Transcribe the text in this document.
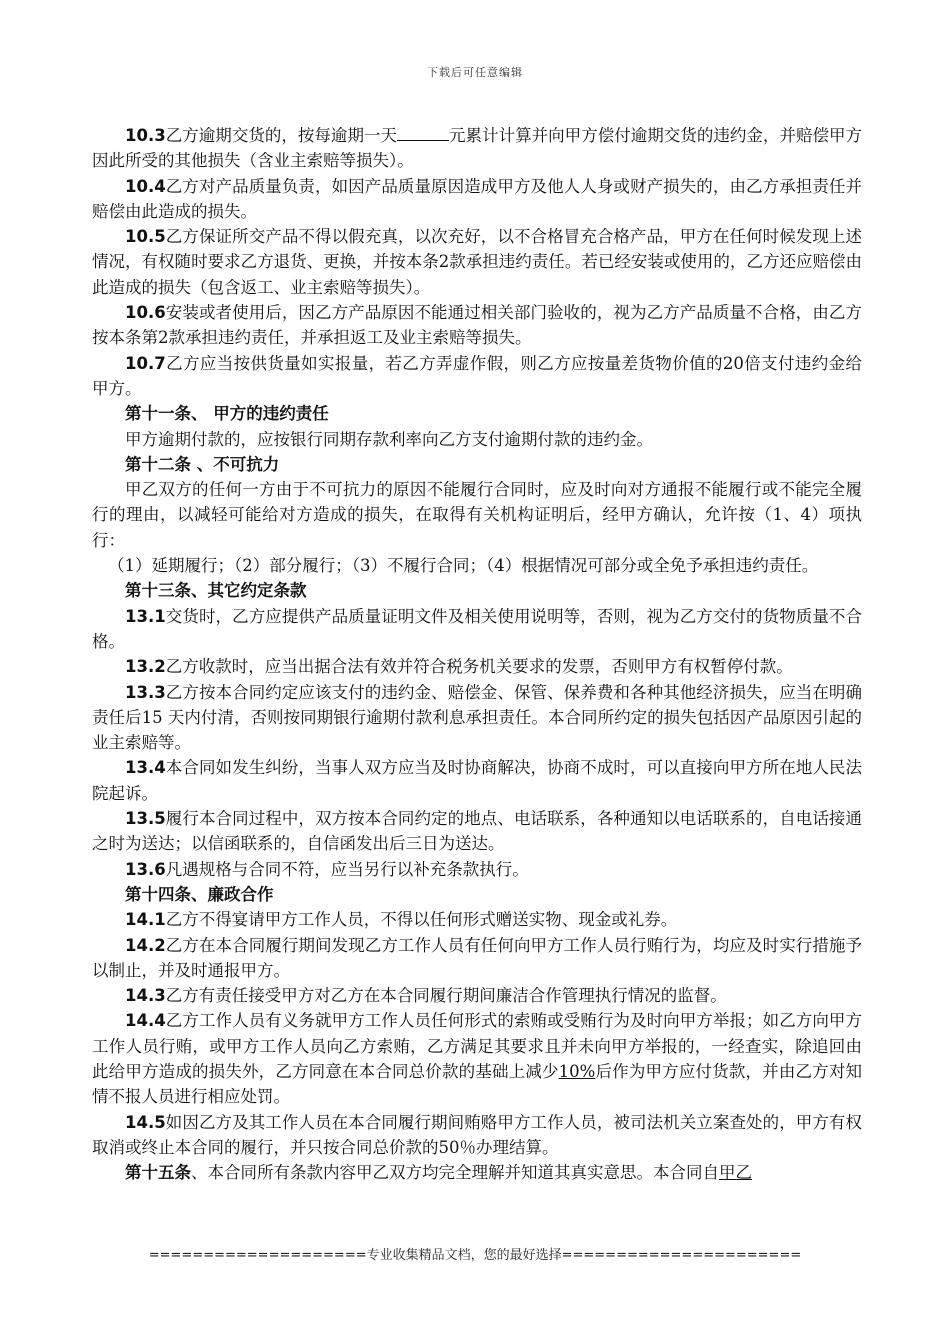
下载后可任意编辑

10.3乙方逾期交货的，按每逾期一天	元累计计算并向甲方偿付逾期交货的违约金，并赔偿甲方因此所受的其他损失（含业主索赔等损失）。

10.4乙方对产品质量负责，如因产品质量原因造成甲方及他人人身或财产损失的，由乙方承担责任并赔偿由此造成的损失。

10.5乙方保证所交产品不得以假充真，以次充好，以不合格冒充合格产品，甲方在任何时候发现上述情况，有权随时要求乙方退货、更换，并按本条2款承担违约责任。若已经安装或使用的，乙方还应赔偿由此造成的损失（包含返工、业主索赔等损失）。

10.6安装或者使用后，因乙方产品原因不能通过相关部门验收的，视为乙方产品质量不合格，由乙方按本条第2款承担违约责任，并承担返工及业主索赔等损失。

10.7乙方应当按供货量如实报量，若乙方弄虚作假，则乙方应按量差货物价值的20倍支付违约金给甲方。

第十一条、 甲方的违约责任

甲方逾期付款的，应按银行同期存款利率向乙方支付逾期付款的违约金。

第十二条 、不可抗力

甲乙双方的任何一方由于不可抗力的原因不能履行合同时，应及时向对方通报不能履行或不能完全履行的理由，以减轻可能给对方造成的损失，在取得有关机构证明后，经甲方确认，允许按（1、4）项执行：

（1）延期履行；（2）部分履行；（3）不履行合同；（4）根据情况可部分或全免予承担违约责任。

第十三条、其它约定条款

13.1交货时，乙方应提供产品质量证明文件及相关使用说明等，否则，视为乙方交付的货物质量不合格。

13.2乙方收款时，应当出据合法有效并符合税务机关要求的发票，否则甲方有权暂停付款。

13.3乙方按本合同约定应该支付的违约金、赔偿金、保管、保养费和各种其他经济损失，应当在明确责任后15 天内付清，否则按同期银行逾期付款利息承担责任。本合同所约定的损失包括因产品原因引起的业主索赔等。

13.4本合同如发生纠纷，当事人双方应当及时协商解决，协商不成时，可以直接向甲方所在地人民法院起诉。

13.5履行本合同过程中，双方按本合同约定的地点、电话联系，各种通知以电话联系的，自电话接通之时为送达；以信函联系的，自信函发出后三日为送达。

13.6凡遇规格与合同不符，应当另行以补充条款执行。

第十四条、廉政合作

14.1乙方不得宴请甲方工作人员，不得以任何形式赠送实物、现金或礼券。

14.2乙方在本合同履行期间发现乙方工作人员有任何向甲方工作人员行贿行为，均应及时实行措施予以制止，并及时通报甲方。

14.3乙方有责任接受甲方对乙方在本合同履行期间廉洁合作管理执行情况的监督。

14.4乙方工作人员有义务就甲方工作人员任何形式的索贿或受贿行为及时向甲方举报；如乙方向甲方工作人员行贿，或甲方工作人员向乙方索贿，乙方满足其要求且并未向甲方举报的，一经查实，除追回由此给甲方造成的损失外，乙方同意在本合同总价款的基础上减少10%后作为甲方应付货款，并由乙方对知情不报人员进行相应处罚。

14.5如因乙方及其工作人员在本合同履行期间贿赂甲方工作人员，被司法机关立案查处的，甲方有权取消或终止本合同的履行，并只按合同总价款的50％办理结算。

第十五条、本合同所有条款内容甲乙双方均完全理解并知道其真实意思。本合同自甲乙

====================专业收集精品文档，您的最好选择======================
